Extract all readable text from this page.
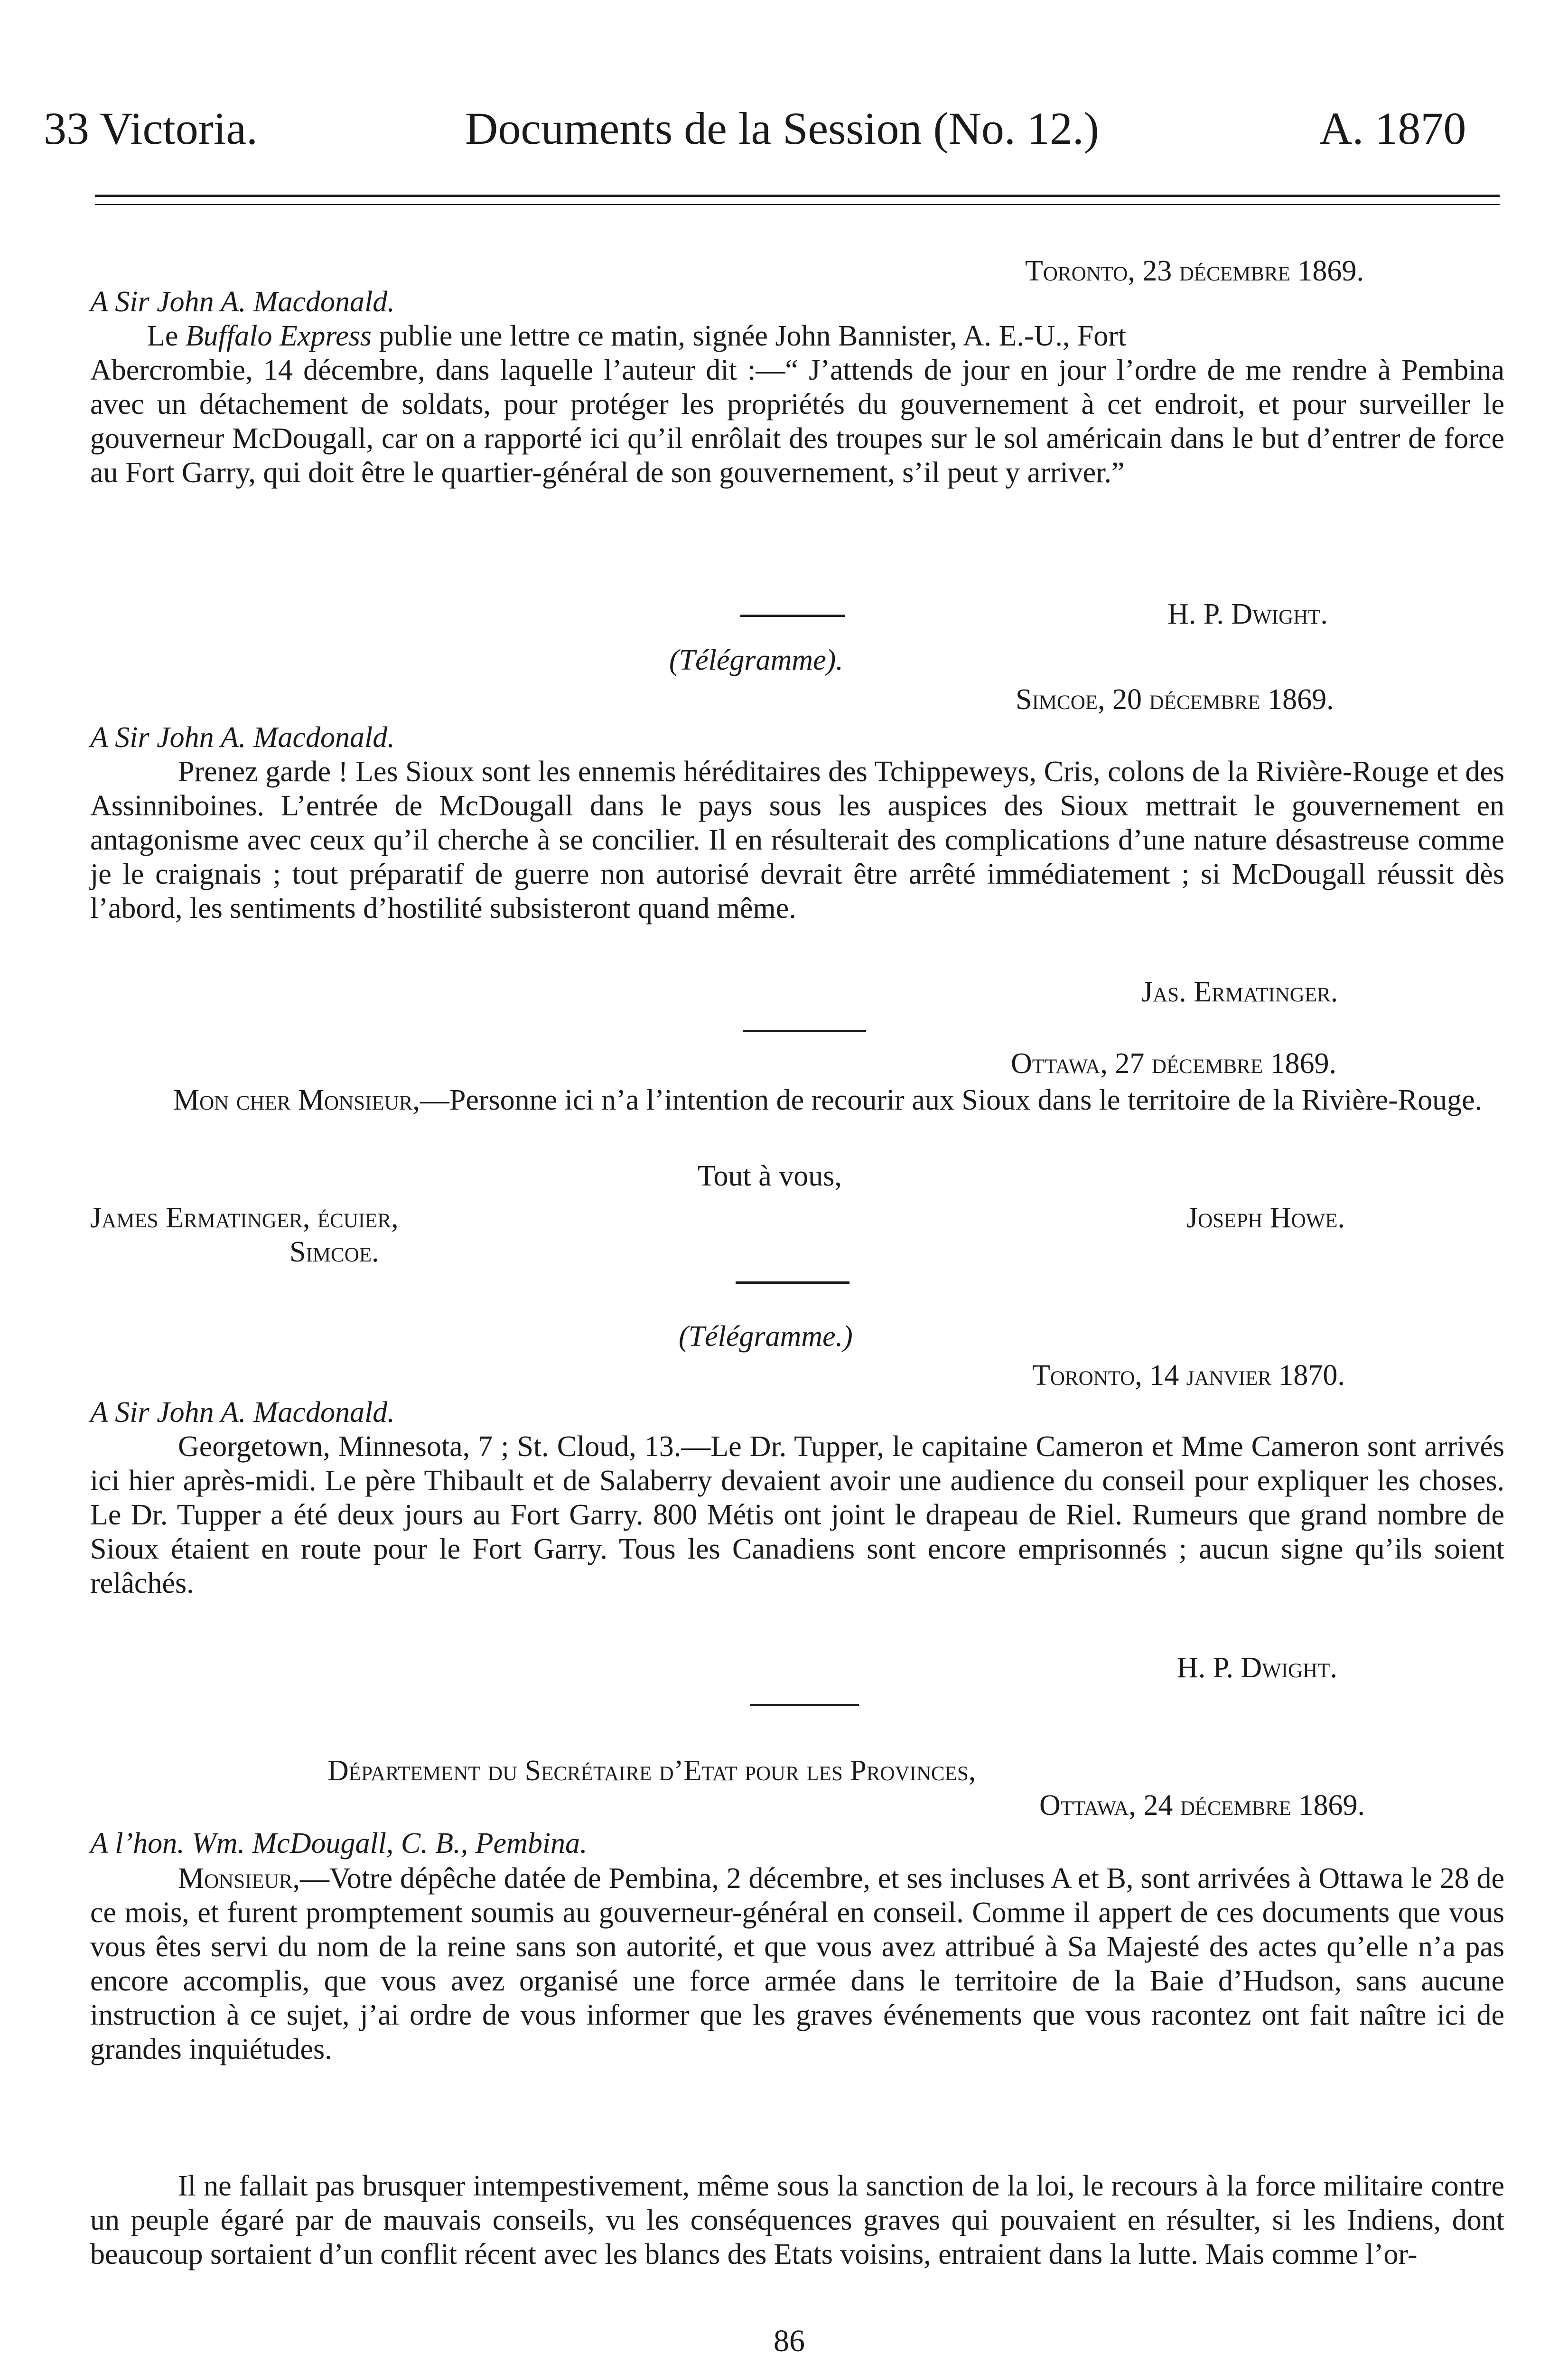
33 Victoria.	Documents de la Session (No. 12.)	A. 1870
Toronto, 23 décembre 1869.
A Sir John A. Macdonald.
Le Buffalo Express publie une lettre ce matin, signée John Bannister, A. E.-U., Fort
Abercrombie, 14 décembre, dans laquelle l’auteur dit :—“ J’attends de jour en jour l’ordre de me rendre à Pembina avec un détachement de soldats, pour protéger les propriétés du gouvernement à cet endroit, et pour surveiller le gouverneur McDougall, car on a rapporté ici qu’il enrôlait des troupes sur le sol américain dans le but d’entrer de force au Fort Garry, qui doit être le quartier-général de son gouvernement, s’il peut y arriver.”
H. P. Dwight.
(Télégramme).
Simcoe, 20 décembre 1869.
A Sir John A. Macdonald.
Prenez garde ! Les Sioux sont les ennemis héréditaires des Tchippeweys, Cris, colons de la Rivière-Rouge et des Assinniboines. L’entrée de McDougall dans le pays sous les auspices des Sioux mettrait le gouvernement en antagonisme avec ceux qu’il cherche à se concilier. Il en résulterait des complications d’une nature désastreuse comme je le craignais ; tout préparatif de guerre non autorisé devrait être arrêté immédiatement ; si McDougall réussit dès l’abord, les sentiments d’hostilité subsisteront quand même.
Jas. Ermatinger.
Ottawa, 27 décembre 1869.
Mon cher Monsieur,—Personne ici n’a l’intention de recourir aux Sioux dans le territoire de la Rivière-Rouge.
Tout à vous,
James Ermatinger, écuier,
Simcoe.
Joseph Howe.
(Télégramme.)
Toronto, 14 janvier 1870.
A Sir John A. Macdonald.
Georgetown, Minnesota, 7 ; St. Cloud, 13.—Le Dr. Tupper, le capitaine Cameron et Mme Cameron sont arrivés ici hier après-midi. Le père Thibault et de Salaberry devaient avoir une audience du conseil pour expliquer les choses. Le Dr. Tupper a été deux jours au Fort Garry. 800 Métis ont joint le drapeau de Riel. Rumeurs que grand nombre de Sioux étaient en route pour le Fort Garry. Tous les Canadiens sont encore emprisonnés ; aucun signe qu’ils soient relâchés.
H. P. Dwight.
Département du Secrétaire d’Etat pour les Provinces,
Ottawa, 24 décembre 1869.
A l’hon. Wm. McDougall, C. B., Pembina.
Monsieur,—Votre dépêche datée de Pembina, 2 décembre, et ses incluses A et B, sont arrivées à Ottawa le 28 de ce mois, et furent promptement soumis au gouverneur-général en conseil. Comme il appert de ces documents que vous vous êtes servi du nom de la reine sans son autorité, et que vous avez attribué à Sa Majesté des actes qu’elle n’a pas encore accomplis, que vous avez organisé une force armée dans le territoire de la Baie d’Hudson, sans aucune instruction à ce sujet, j’ai ordre de vous informer que les graves événements que vous racontez ont fait naître ici de grandes inquiétudes.
Il ne fallait pas brusquer intempestivement, même sous la sanction de la loi, le recours à la force militaire contre un peuple égaré par de mauvais conseils, vu les conséquences graves qui pouvaient en résulter, si les Indiens, dont beaucoup sortaient d’un conflit récent avec les blancs des Etats voisins, entraient dans la lutte. Mais comme l’or-
86
